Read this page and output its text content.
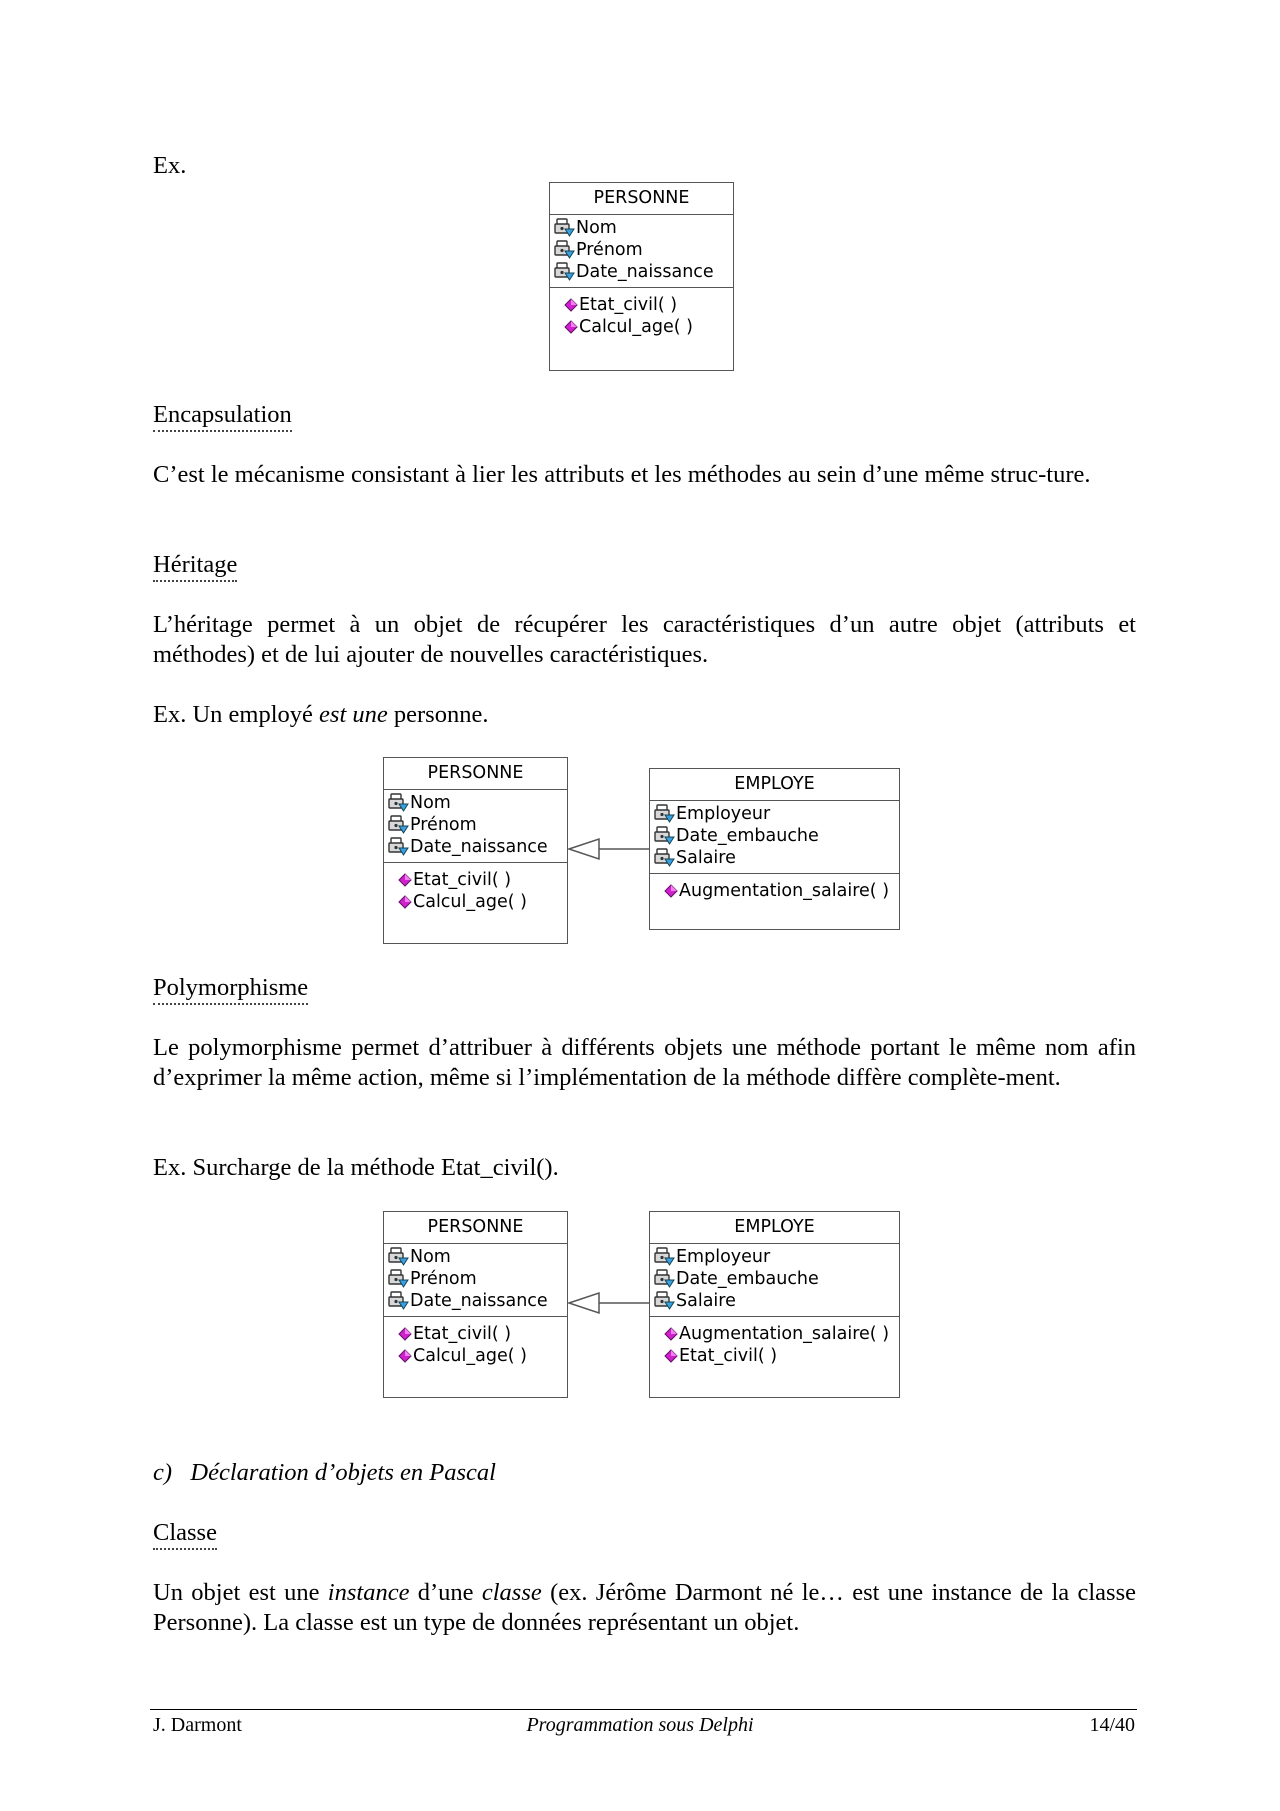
Ex.
PERSONNE
Nom
Prénom
Date_naissance
Etat_civil( )
Calcul_age( )
Encapsulation
C’est le mécanisme consistant à lier les attributs et les méthodes au sein d’une même struc-ture.
Héritage
L’héritage permet à un objet de récupérer les caractéristiques d’un autre objet (attributs et méthodes) et de lui ajouter de nouvelles caractéristiques.
Ex. Un employé est une personne.
PERSONNE
Nom
Prénom
Date_naissance
Etat_civil( )
Calcul_age( )
EMPLOYE
Employeur
Date_embauche
Salaire
Augmentation_salaire( )
Polymorphisme
Le polymorphisme permet d’attribuer à différents objets une méthode portant le même nom afin d’exprimer la même action, même si l’implémentation de la méthode diffère complète-ment.
Ex. Surcharge de la méthode Etat_civil().
PERSONNE
Nom
Prénom
Date_naissance
Etat_civil( )
Calcul_age( )
EMPLOYE
Employeur
Date_embauche
Salaire
Augmentation_salaire( )
Etat_civil( )
c)   Déclaration d’objets en Pascal
Classe
Un objet est une instance d’une classe (ex. Jérôme Darmont né le… est une instance de la classe Personne). La classe est un type de données représentant un objet.
J. Darmont	Programmation sous Delphi	14/40
